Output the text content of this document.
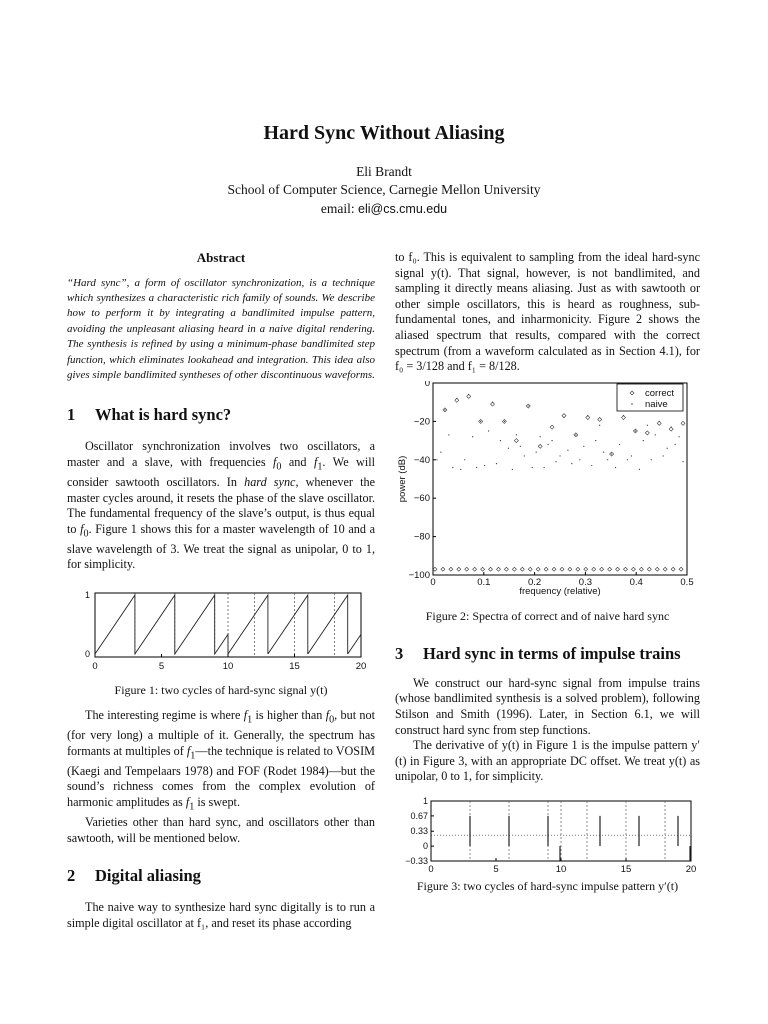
Hard Sync Without Aliasing
Eli Brandt
School of Computer Science, Carnegie Mellon University
email: eli@cs.cmu.edu
Abstract

“Hard sync”, a form of oscillator synchronization, is a technique which synthesizes a characteristic rich family of sounds. We describe how to perform it by integrating a bandlimited impulse pattern, avoiding the unpleasant aliasing heard in a naive digital rendering. The synthesis is refined by using a minimum-phase bandlimited step function, which eliminates lookahead and integration. This idea also gives simple bandlimited syntheses of other discontinuous waveforms.

1 What is hard sync?

Oscillator synchronization involves two oscillators, a master and a slave, with frequencies $f_0$ and $f_1$. We will consider sawtooth oscillators. In hard sync, whenever the master cycles around, it resets the phase of the slave oscillator. The fundamental frequency of the slave’s output, is thus equal to $f_0$. Figure 1 shows this for a master wavelength of 10 and a slave wavelength of 3. We treat the signal as unipolar, 0 to 1, for simplicity.

1
0
0	5	10	15	20
Figure 1: two cycles of hard-sync signal y(t)

The interesting regime is where $f_1$ is higher than $f_0$, but not (for very long) a multiple of it. Generally, the spectrum has formants at multiples of $f_1—the$ technique is related to VOSIM (Kaegi and Tempelaars 1978) and FOF (Rodet 1984)—but the sound’s richness comes from the complex evolution of harmonic amplitudes as $f_1$ is swept.

Varieties other than hard sync, and oscillators other than sawtooth, will be mentioned below.

2 Digital aliasing

The naive way to synthesize hard sync digitally is to run a simple digital oscillator at f₁, and reset its phase according

to f₀. This is equivalent to sampling from the ideal hard-sync signal y(t). That signal, however, is not bandlimited, and sampling it directly means aliasing. Just as with sawtooth or other simple oscillators, this is heard as roughness, sub-fundamental tones, and inharmonicity. Figure 2 shows the aliased spectrum that results, compared with the correct spectrum (from a waveform calculated as in Section 4.1), for f₀ = 3/128 and f₁ = 8/128.

0
−20
−40
−60
−80
−100
0	0.1	0.2	0.3	0.4	0.5
frequency (relative)
power (dB)
correct
naive
Figure 2: Spectra of correct and of naive hard sync
3 Hard sync in terms of impulse trains

We construct our hard-sync signal from impulse trains (whose bandlimited synthesis is a solved problem), following Stilson and Smith (1996). Later, in Section 6.1, we will construct hard sync from step functions.

The derivative of y(t) in Figure 1 is the impulse pattern y′(t) in Figure 3, with an appropriate DC offset. We treat y(t) as unipolar, 0 to 1, for simplicity.

1
0.67
0.33
0
−0.33
0	5	10	15	20
Figure 3: two cycles of hard-sync impulse pattern y′(t)
